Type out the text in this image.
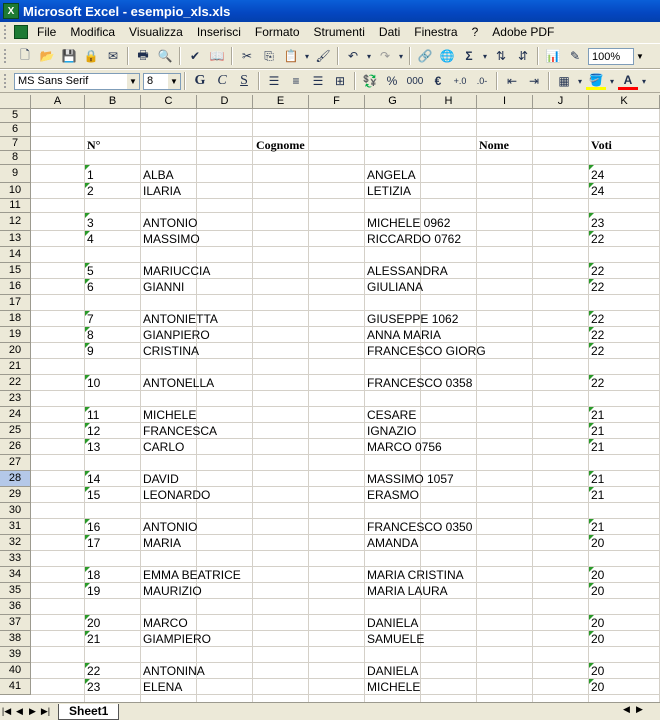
X Microsoft Excel - esempio_xls.xls
File	Modifica	Visualizza	Inserisci	Formato	Strumenti	Dati	Finestra	?	Adobe PDF
🗋 📂 💾 🔒 ✉	🖶 🔍	✔ 📖	✂	⎘ 📋 ▾ 🖌	↶	▾ ↷	▾ 🔗 🌐 Σ	▾ ⇅ ⇵	📊 ✎	100%	▼
MS Sans Serif	▼ 8 ▼	G C S	☰	≡	☰ ⊞	💱 % 000 €	+.0	.0-	⇤ ⇥	▦	▾ 🪣 ▾ A	▾
A	B	C	D	E	F	G	H	I	J	K
5
6
7
8
9
10
11
12
13
14
15
16
17
18
19
20
21
22
23
24
25
26
27
28
29
30
31
32
33
34
35
36
37
38
39
40
41
N°	Cognome	Nome	Voti
1	ALBA	ANGELA	24
2	ILARIA	LETIZIA	24
3	ANTONIO	MICHELE 0962	23
4	MASSIMO	RICCARDO 0762	22
5	MARIUCCIA	ALESSANDRA	22
6	GIANNI	GIULIANA	22
7	ANTONIETTA	GIUSEPPE 1062	22
8	GIANPIERO	ANNA MARIA	22
9	CRISTINA	FRANCESCO GIORG	22
10	ANTONELLA	FRANCESCO 0358	22
11	MICHELE	CESARE	21
12	FRANCESCA	IGNAZIO	21
13	CARLO	MARCO 0756	21
14	DAVID	MASSIMO 1057	21
15	LEONARDO	ERASMO	21
16	ANTONIO	FRANCESCO 0350	21
17	MARIA	AMANDA	20
18	EMMA BEATRICE	MARIA CRISTINA	20
19	MAURIZIO	MARIA LAURA	20
20	MARCO	DANIELA	20
21	GIAMPIERO	SAMUELE	20
22	ANTONINA	DANIELA	20
23	ELENA	MICHELE	20
|◀ ◀ ▶ ▶|	Sheet1	◀ ▶
